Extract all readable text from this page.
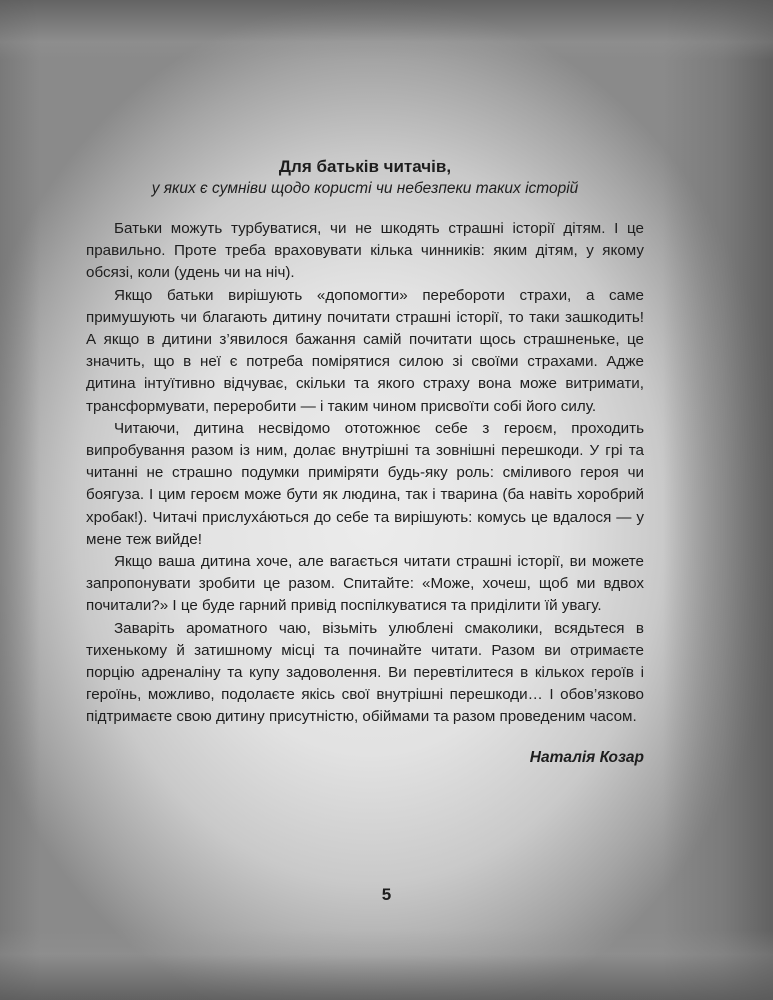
Для батьків читачів,

у яких є сумніви щодо користі чи небезпеки таких історій

Батьки можуть турбуватися, чи не шкодять страшні історії дітям. І це правильно. Проте треба враховувати кілька чинників: яким дітям, у якому обсязі, коли (удень чи на ніч).

Якщо батьки вирішують «допомогти» перебороти страхи, а саме примушують чи благають дитину почитати страшні історії, то таки зашкодить! А якщо в дитини з’явилося бажання самій почитати щось страшненьке, це значить, що в неї є потреба помірятися силою зі своїми страхами. Адже дитина інтуїтивно відчуває, скільки та якого страху вона може витримати, трансформувати, переробити — і таким чином присвоїти собі його силу.

Читаючи, дитина несвідомо ототожнює себе з героєм, проходить випробування разом із ним, долає внутрішні та зовнішні перешкоди. У грі та читанні не страшно подумки приміряти будь-яку роль: сміливого героя чи боягуза. І цим героєм може бути як людина, так і тварина (ба навіть хоробрий хробак!). Читачі прислухáються до себе та вирішують: комусь це вдалося — у мене теж вийде!

Якщо ваша дитина хоче, але вагається читати страшні історії, ви можете запропонувати зробити це разом. Спитайте: «Може, хочеш, щоб ми вдвох почитали?» І це буде гарний привід поспілкуватися та приділити їй увагу.

Заваріть ароматного чаю, візьміть улюблені смаколики, всядьтеся в тихенькому й затишному місці та починайте читати. Разом ви отримаєте порцію адреналіну та купу задоволення. Ви перевтілитеся в кількох героїв і героїнь, можливо, подолаєте якісь свої внутрішні перешкоди… І обов’язково підтримаєте свою дитину присутністю, обіймами та разом проведеним часом.

Наталія Козар

5
